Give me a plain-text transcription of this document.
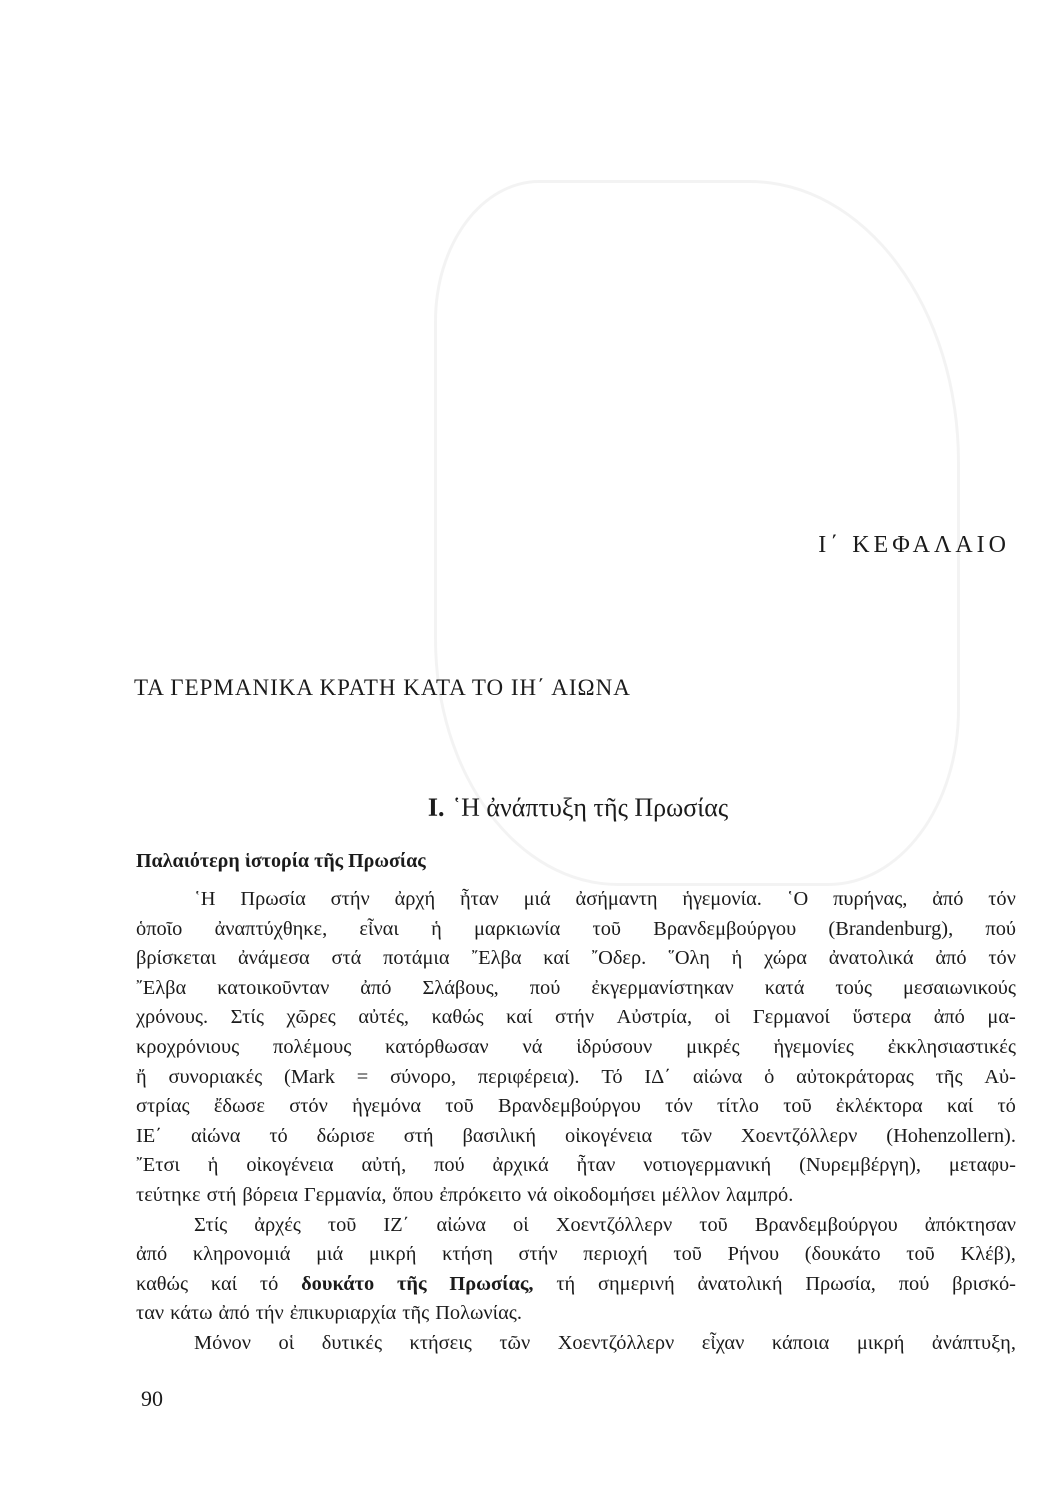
Ι΄ ΚΕΦΑΛΑΙΟ
ΤΑ ΓΕΡΜΑΝΙΚΑ ΚΡΑΤΗ ΚΑΤΑ ΤΟ ΙΗ΄ ΑΙΩΝΑ
Ι. ῾Η ἀνάπτυξη τῆς Πρωσίας
Παλαιότερη ἱστορία τῆς Πρωσίας
῾Η Πρωσία στήν ἀρχή ἦταν μιά ἀσήμαντη ἡγεμονία. ῾Ο πυρήνας, ἀπό τόν
ὁποῖο ἀναπτύχθηκε, εἶναι ἡ μαρκιωνία τοῦ Βρανδεμβούργου (Brandenburg), πού
βρίσκεται ἀνάμεσα στά ποτάμια ῎Ελβα καί ῎Οδερ. ῞Ολη ἡ χώρα ἀνατολικά ἀπό τόν
῎Ελβα κατοικοῦνταν ἀπό Σλάβους, πού ἐκγερμανίστηκαν κατά τούς μεσαιωνικούς
χρόνους. Στίς χῶρες αὐτές, καθώς καί στήν Αὐστρία, οἱ Γερμανοί ὕστερα ἀπό μα-
κροχρόνιους πολέμους κατόρθωσαν νά ἱδρύσουν μικρές ἡγεμονίες ἐκκλησιαστικές
ἤ συνοριακές (Mark = σύνορο, περιφέρεια). Τό ΙΔ΄ αἰώνα ὁ αὐτοκράτορας τῆς Αὐ-
στρίας ἔδωσε στόν ἡγεμόνα τοῦ Βρανδεμβούργου τόν τίτλο τοῦ ἐκλέκτορα καί τό
ΙΕ΄ αἰώνα τό δώρισε στή βασιλική οἰκογένεια τῶν Χοεντζόλλερν (Hohenzollern).
῎Ετσι ἡ οἰκογένεια αὐτή, πού ἀρχικά ἦταν νοτιογερμανική (Νυρεμβέργη), μεταφυ-
τεύτηκε στή βόρεια Γερμανία, ὅπου ἐπρόκειτο νά οἰκοδομήσει μέλλον λαμπρό.
Στίς ἀρχές τοῦ ΙΖ΄ αἰώνα οἱ Χοεντζόλλερν τοῦ Βρανδεμβούργου ἀπόκτησαν
ἀπό κληρονομιά μιά μικρή κτήση στήν περιοχή τοῦ Ρήνου (δουκάτο τοῦ Κλέβ),
καθώς καί τό δουκάτο τῆς Πρωσίας, τή σημερινή ἀνατολική Πρωσία, πού βρισκό-
ταν κάτω ἀπό τήν ἐπικυριαρχία τῆς Πολωνίας.
Μόνον οἱ δυτικές κτήσεις τῶν Χοεντζόλλερν εἶχαν κάποια μικρή ἀνάπτυξη,
90
